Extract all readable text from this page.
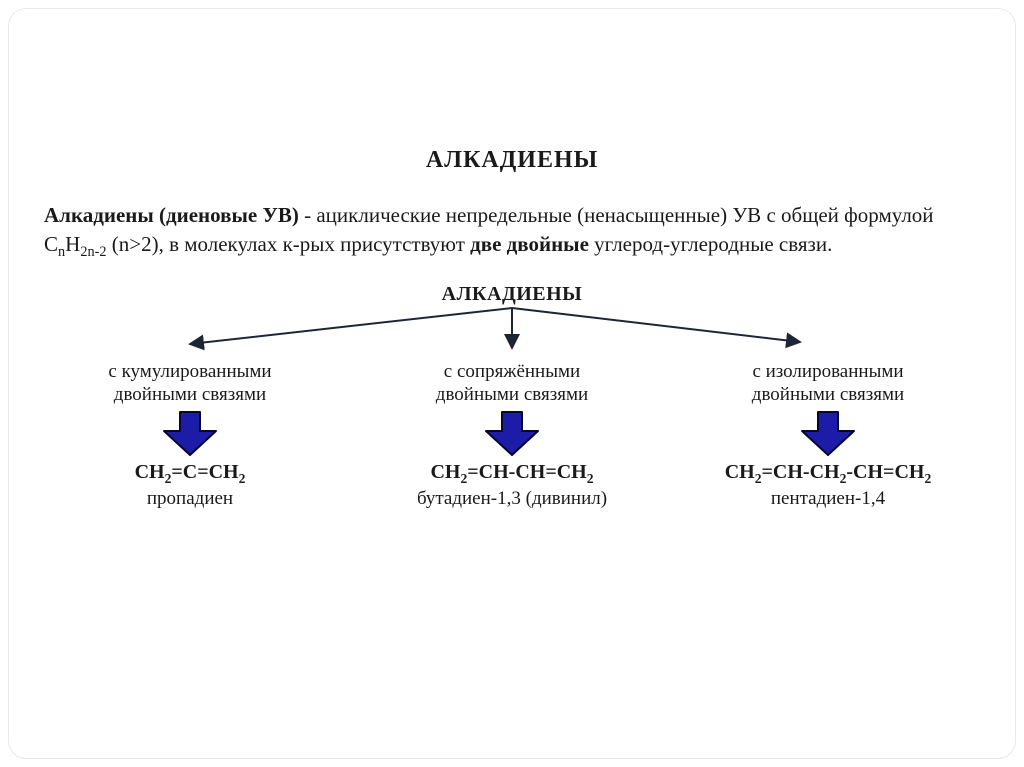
АЛКАДИЕНЫ
Алкадиены (диеновые УВ) - ациклические непредельные (ненасыщенные) УВ с общей формулой
$C_nH_{2n-2}$ (n>2), в молекулах к-рых присутствуют две двойные углерод-углеродные связи.
АЛКАДИЕНЫ
с кумулированными
двойными связями
$CH_2=C=CH_2$
пропадиен
с сопряжёнными
двойными связями
$CH_2=CH-CH=CH_2$
бутадиен-1,3 (дивинил)
с изолированными
двойными связями
$CH_2=CH-CH_2-CH=CH_2$
пентадиен-1,4
